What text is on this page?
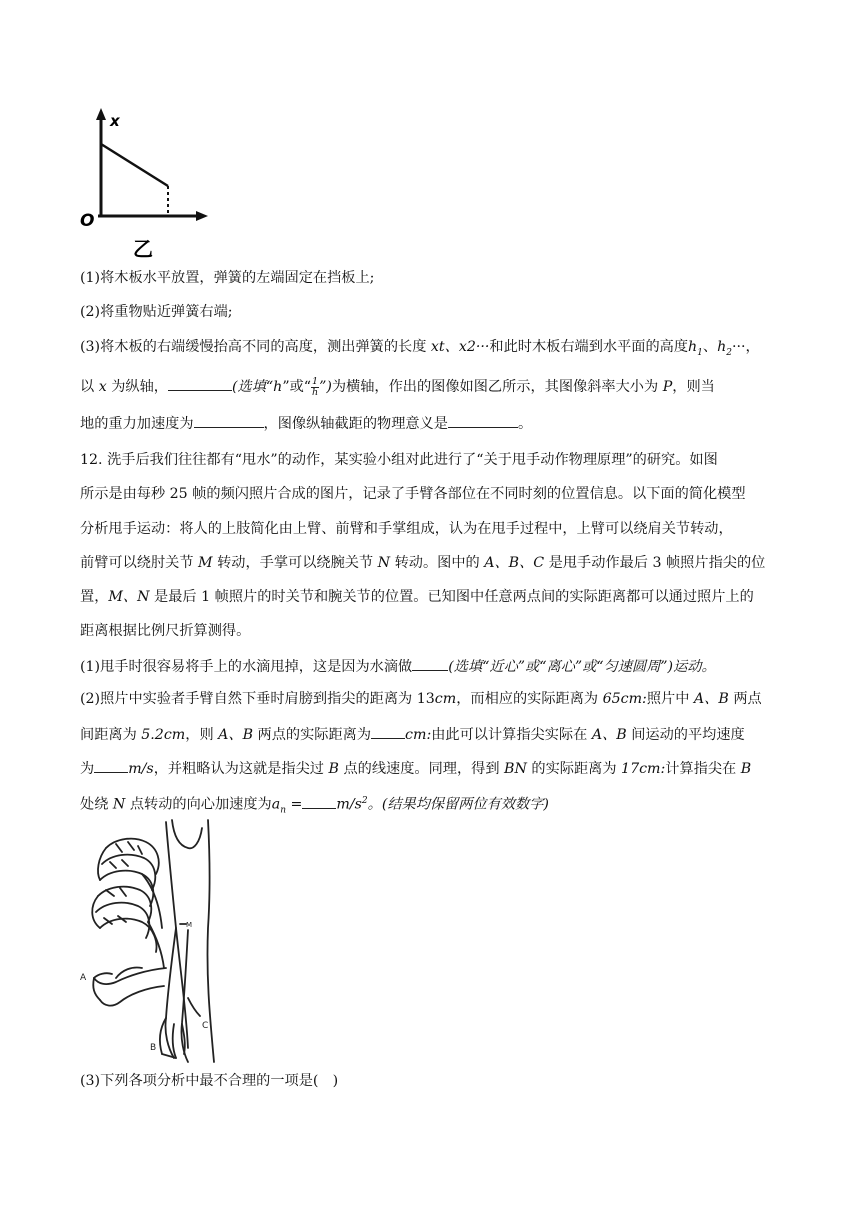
x
O
乙
(1)将木板水平放置，弹簧的左端固定在挡板上;
(2)将重物贴近弹簧右端;
(3)将木板的右端缓慢抬高不同的高度，测出弹簧的长度 xt、x2···和此时木板右端到水平面的高度$h_1$、$h_2\cdot\cdot\cdot$，
以 x 为纵轴，	(选填“h”或“ $\frac{1}{h}$ ”)为横轴，作出的图像如图乙所示，其图像斜率大小为 P，则当
地的重力加速度为	，图像纵轴截距的物理意义是	。
12. 洗手后我们往往都有“甩水”的动作，某实验小组对此进行了“关于甩手动作物理原理”的研究。如图
所示是由每秒 25 帧的频闪照片合成的图片，记录了手臂各部位在不同时刻的位置信息。以下面的简化模型
分析甩手运动：将人的上肢简化由上臂、前臂和手掌组成，认为在甩手过程中，上臂可以绕肩关节转动，
前臂可以绕肘关节 M 转动，手掌可以绕腕关节 N 转动。图中的 A、B、C 是甩手动作最后 3 帧照片指尖的位
置，M、N 是最后 1 帧照片的时关节和腕关节的位置。已知图中任意两点间的实际距离都可以通过照片上的
距离根据比例尺折算测得。
(1)甩手时很容易将手上的水滴甩掉，这是因为水滴做	(选填“近心”或“离心”或“匀速圆周”)运动。
(2)照片中实验者手臂自然下垂时肩膀到指尖的距离为 13cm，而相应的实际距离为 65cm:照片中 A、B 两点
间距离为 5.2cm，则 A、B 两点的实际距离为 cm:由此可以计算指尖实际在 A、B 间运动的平均速度
为 m/s，并粗略认为这就是指尖过 B 点的线速度。同理，得到 BN 的实际距离为 17cm:计算指尖在 B
处绕 N 点转动的向心加速度为$a_n = m/s^2$。(结果均保留两位有效数字)
A
B
C
M
(3)下列各项分析中最不合理的一项是(　)
